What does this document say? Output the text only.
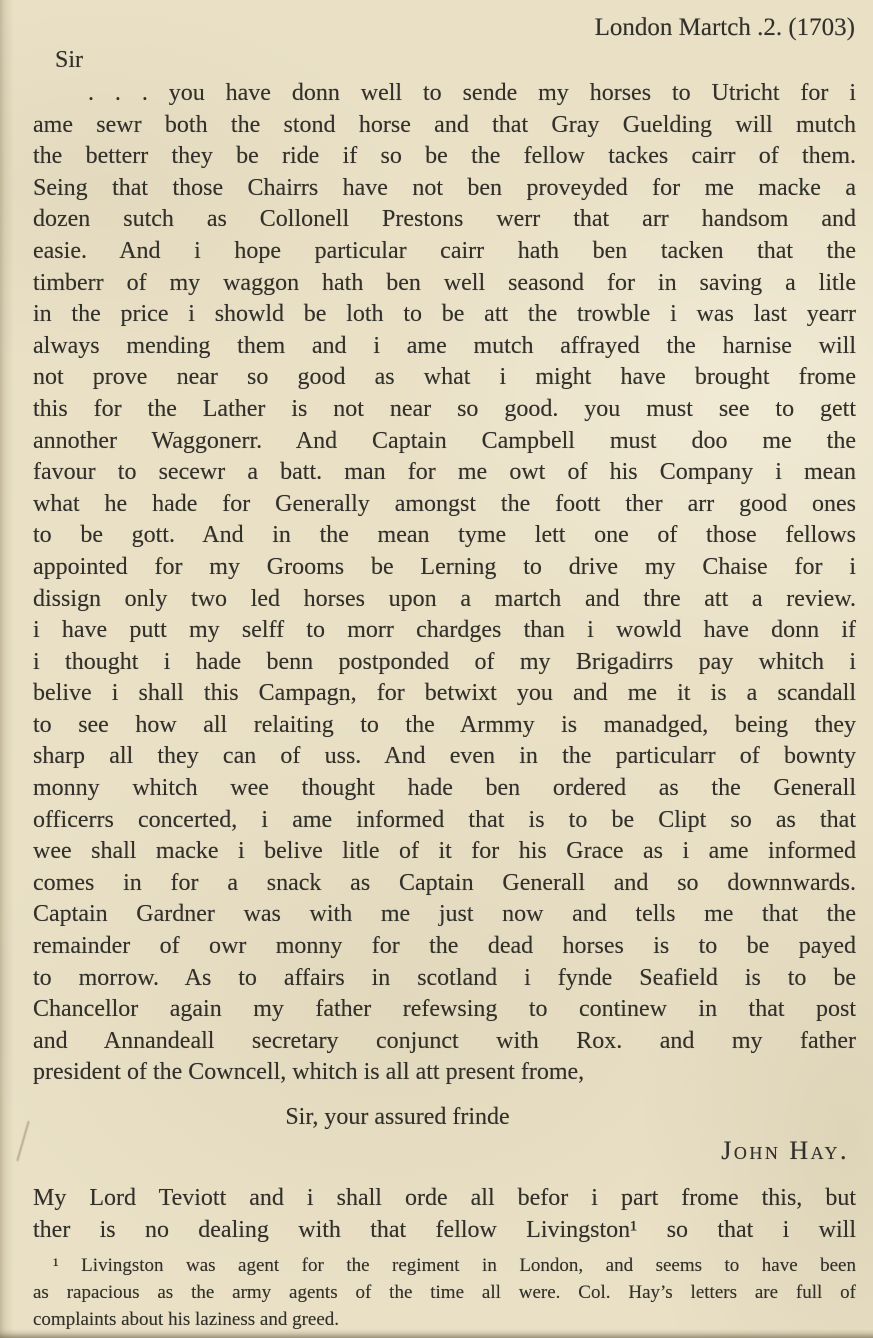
London Martch .2. (1703)
Sir
. . . you have donn well to sende my horses to Utricht for i
ame sewr both the stond horse and that Gray Guelding will mutch
the betterr they be ride if so be the fellow tackes cairr of them.
Seing that those Chairrs have not ben proveyded for me macke a
dozen sutch as Collonell Prestons werr that arr handsom and
easie. And i hope particular cairr hath ben tacken that the
timberr of my waggon hath ben well seasond for in saving a litle
in the price i showld be loth to be att the trowble i was last yearr
always mending them and i ame mutch affrayed the harnise will
not prove near so good as what i might have brought frome
this for the Lather is not near so good. you must see to gett
annother Waggonerr. And Captain Campbell must doo me the
favour to secewr a batt. man for me owt of his Company i mean
what he hade for Generally amongst the foott ther arr good ones
to be gott. And in the mean tyme lett one of those fellows
appointed for my Grooms be Lerning to drive my Chaise for i
dissign only two led horses upon a martch and thre att a review.
i have putt my selff to morr chardges than i wowld have donn if
i thought i hade benn postponded of my Brigadirrs pay whitch i
belive i shall this Campagn, for betwixt you and me it is a scandall
to see how all relaiting to the Armmy is manadged, being they
sharp all they can of uss. And even in the particularr of bownty
monny whitch wee thought hade ben ordered as the Generall
officerrs concerted, i ame informed that is to be Clipt so as that
wee shall macke i belive litle of it for his Grace as i ame informed
comes in for a snack as Captain Generall and so downnwards.
Captain Gardner was with me just now and tells me that the
remainder of owr monny for the dead horses is to be payed
to morrow. As to affairs in scotland i fynde Seafield is to be
Chancellor again my father refewsing to continew in that post
and Annandeall secretary conjunct with Rox. and my father
president of the Cowncell, whitch is all att present frome,
Sir, your assured frinde
John Hay.
My Lord Teviott and i shall orde all befor i part frome this, but
ther is no dealing with that fellow Livingston¹ so that i will
¹ Livingston was agent for the regiment in London, and seems to have been
as rapacious as the army agents of the time all were. Col. Hay’s letters are full of
complaints about his laziness and greed.
